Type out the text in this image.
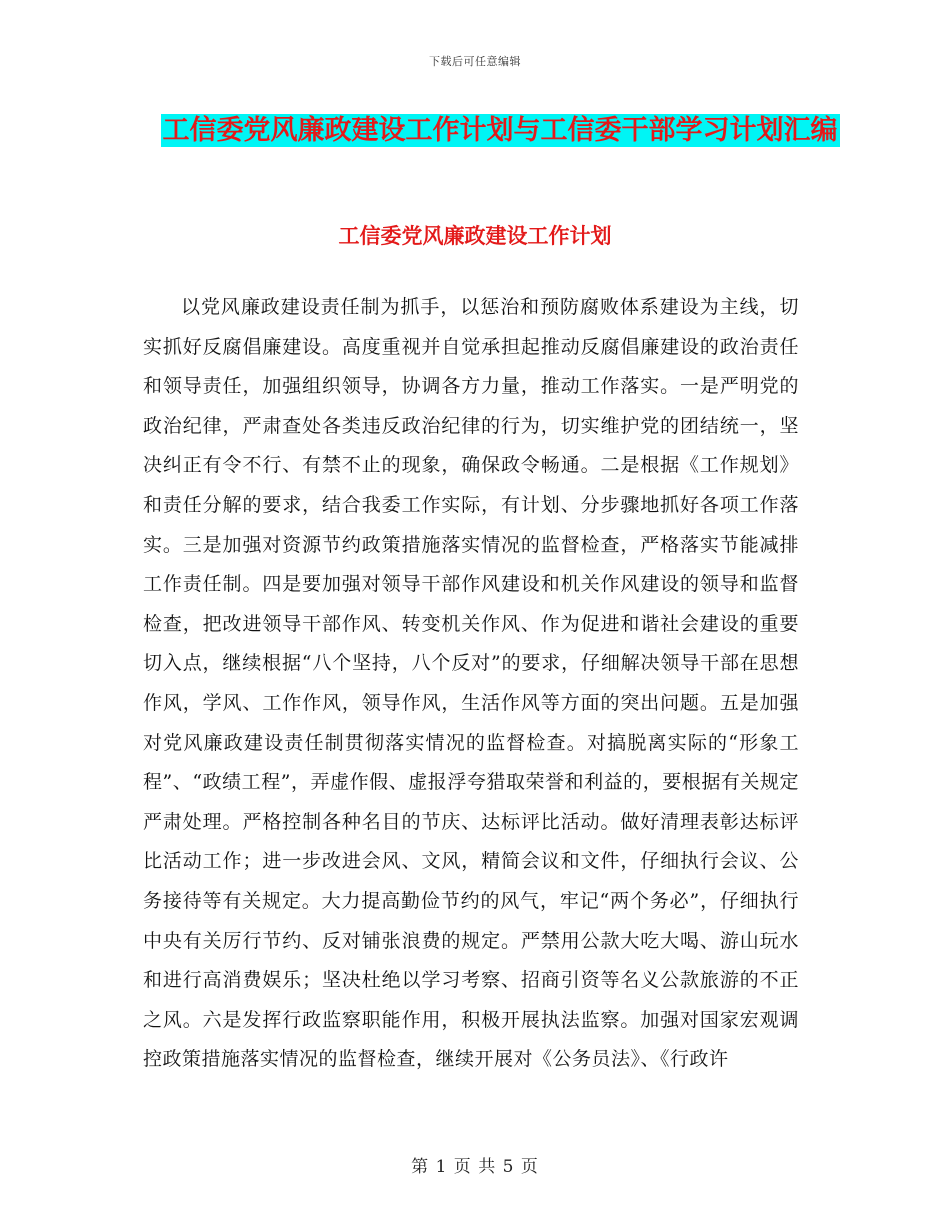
下载后可任意编辑
工信委党风廉政建设工作计划与工信委干部学习计划汇编
工信委党风廉政建设工作计划

以党风廉政建设责任制为抓手，以惩治和预防腐败体系建设为主线，切实抓好反腐倡廉建设。高度重视并自觉承担起推动反腐倡廉建设的政治责任和领导责任，加强组织领导，协调各方力量，推动工作落实。一是严明党的政治纪律，严肃查处各类违反政治纪律的行为，切实维护党的团结统一，坚决纠正有令不行、有禁不止的现象，确保政令畅通。二是根据《工作规划》和责任分解的要求，结合我委工作实际，有计划、分步骤地抓好各项工作落实。三是加强对资源节约政策措施落实情况的监督检查，严格落实节能减排工作责任制。四是要加强对领导干部作风建设和机关作风建设的领导和监督检查，把改进领导干部作风、转变机关作风、作为促进和谐社会建设的重要切入点，继续根据“八个坚持，八个反对”的要求，仔细解决领导干部在思想作风，学风、工作作风，领导作风，生活作风等方面的突出问题。五是加强对党风廉政建设责任制贯彻落实情况的监督检查。对搞脱离实际的“形象工程”、“政绩工程”，弄虚作假、虚报浮夸猎取荣誉和利益的，要根据有关规定严肃处理。严格控制各种名目的节庆、达标评比活动。做好清理表彰达标评比活动工作；进一步改进会风、文风，精简会议和文件，仔细执行会议、公务接待等有关规定。大力提高勤俭节约的风气，牢记“两个务必”，仔细执行中央有关厉行节约、反对铺张浪费的规定。严禁用公款大吃大喝、游山玩水和进行高消费娱乐；坚决杜绝以学习考察、招商引资等名义公款旅游的不正之风。六是发挥行政监察职能作用，积极开展执法监察。加强对国家宏观调控政策措施落实情况的监督检查，继续开展对《公务员法》、《行政许

第 1 页 共 5 页
